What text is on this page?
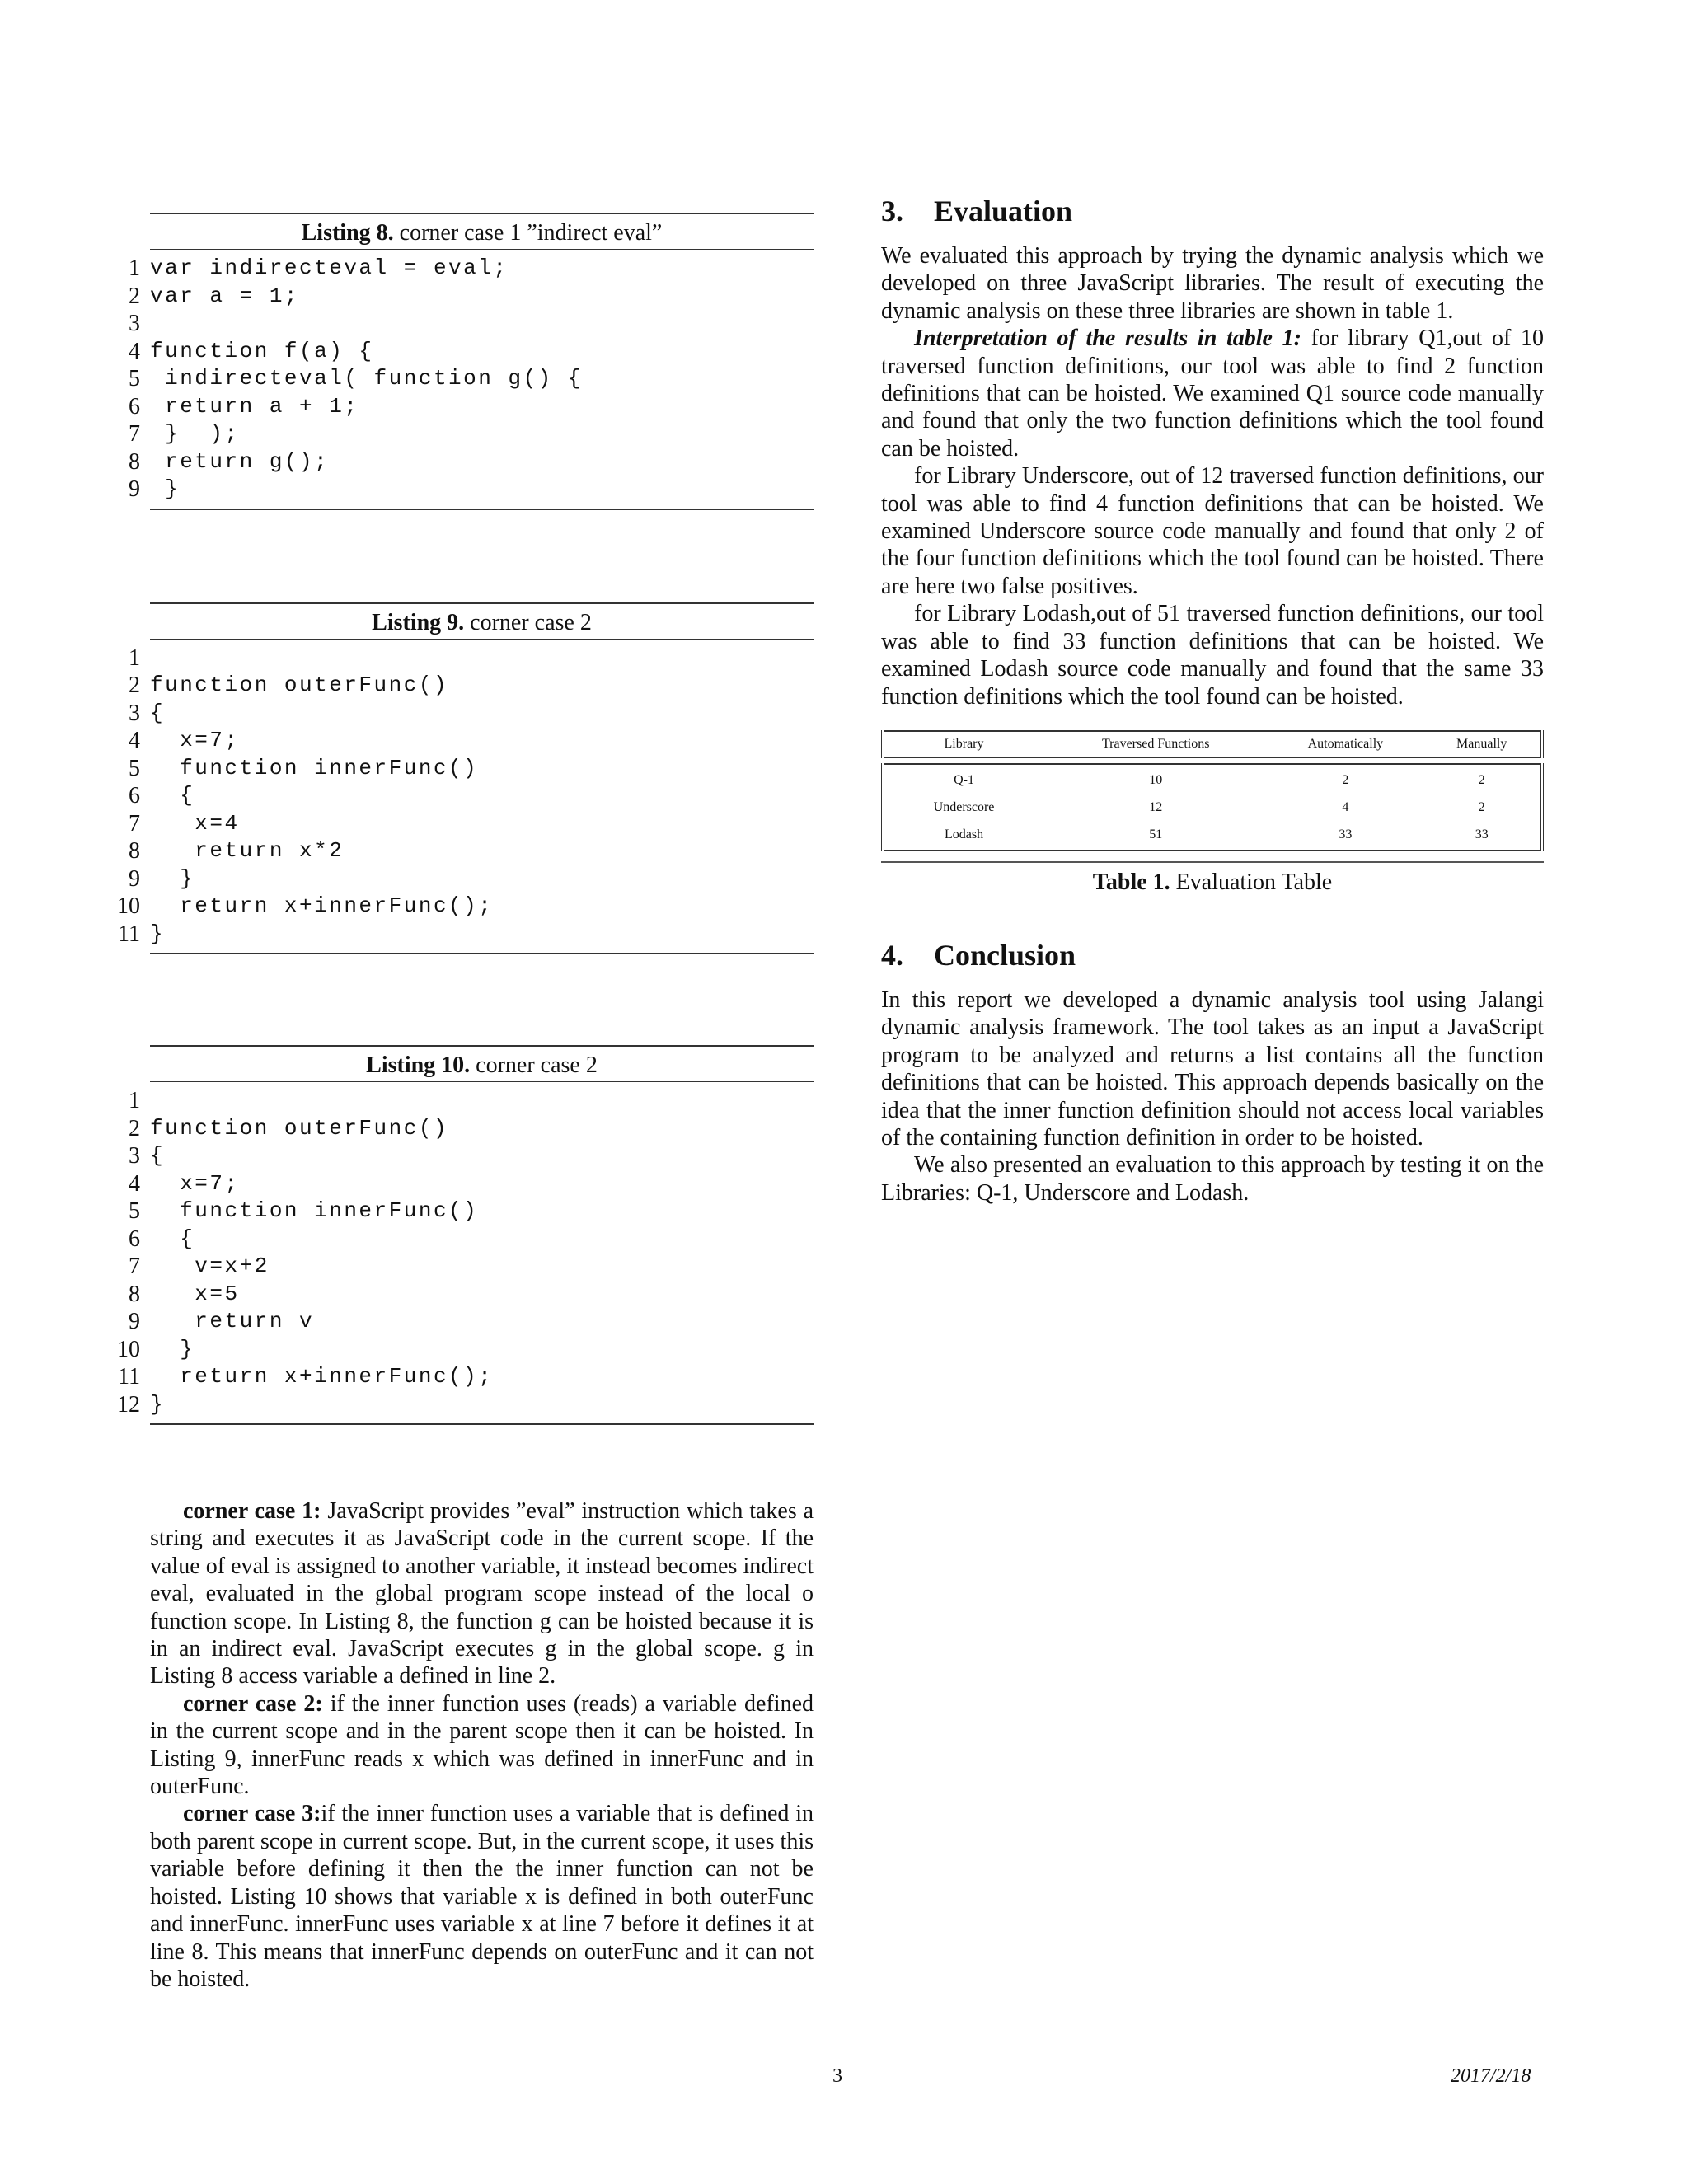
Listing 8. corner case 1 ”indirect eval”
1 var indirecteval = eval;
2 var a = 1;
3
4 function f(a) {
5 indirecteval( function g() {
6 return a + 1;
7 }  );
8 return g();
9 }
Listing 9. corner case 2
1
2 function outerFunc()
3 {
4 x=7;
5 function innerFunc()
6 {
7 x=4
8 return x*2
9 }
10 return x+innerFunc();
11 }
Listing 10. corner case 2
1
2 function outerFunc()
3 {
4 x=7;
5 function innerFunc()
6 {
7 v=x+2
8 x=5
9 return v
10 }
11 return x+innerFunc();
12 }

corner case 1: JavaScript provides ”eval” instruction which takes a string and executes it as JavaScript code in the current scope. If the value of eval is assigned to another variable, it instead becomes indirect eval, evaluated in the global program scope instead of the local o function scope. In Listing 8, the function g can be hoisted because it is in an indirect eval. JavaScript executes g in the global scope. g in Listing 8 access variable a defined in line 2.

corner case 2: if the inner function uses (reads) a variable defined in the current scope and in the parent scope then it can be hoisted. In Listing 9, innerFunc reads x which was defined in innerFunc and in outerFunc.

corner case 3:if the inner function uses a variable that is defined in both parent scope in current scope. But, in the current scope, it uses this variable before defining it then the the inner function can not be hoisted. Listing 10 shows that variable x is defined in both outerFunc and innerFunc. innerFunc uses variable x at line 7 before it defines it at line 8. This means that innerFunc depends on outerFunc and it can not be hoisted.

3. Evaluation

We evaluated this approach by trying the dynamic analysis which we developed on three JavaScript libraries. The result of executing the dynamic analysis on these three libraries are shown in table 1.

Interpretation of the results in table 1: for library Q1,out of 10 traversed function definitions, our tool was able to find 2 function definitions that can be hoisted. We examined Q1 source code manually and found that only the two function definitions which the tool found can be hoisted.

for Library Underscore, out of 12 traversed function definitions, our tool was able to find 4 function definitions that can be hoisted. We examined Underscore source code manually and found that only 2 of the four function definitions which the tool found can be hoisted. There are here two false positives.

for Library Lodash,out of 51 traversed function definitions, our tool was able to find 33 function definitions that can be hoisted. We examined Lodash source code manually and found that the same 33 function definitions which the tool found can be hoisted.

Library	Traversed Functions	Automatically	Manually
Q-1	10	2	2
Underscore	12	4	2
Lodash	51	33	33
Table 1. Evaluation Table
4. Conclusion

In this report we developed a dynamic analysis tool using Jalangi dynamic analysis framework. The tool takes as an input a JavaScript program to be analyzed and returns a list contains all the function definitions that can be hoisted. This approach depends basically on the idea that the inner function definition should not access local variables of the containing function definition in order to be hoisted.

We also presented an evaluation to this approach by testing it on the Libraries: Q-1, Underscore and Lodash.

3	2017/2/18
